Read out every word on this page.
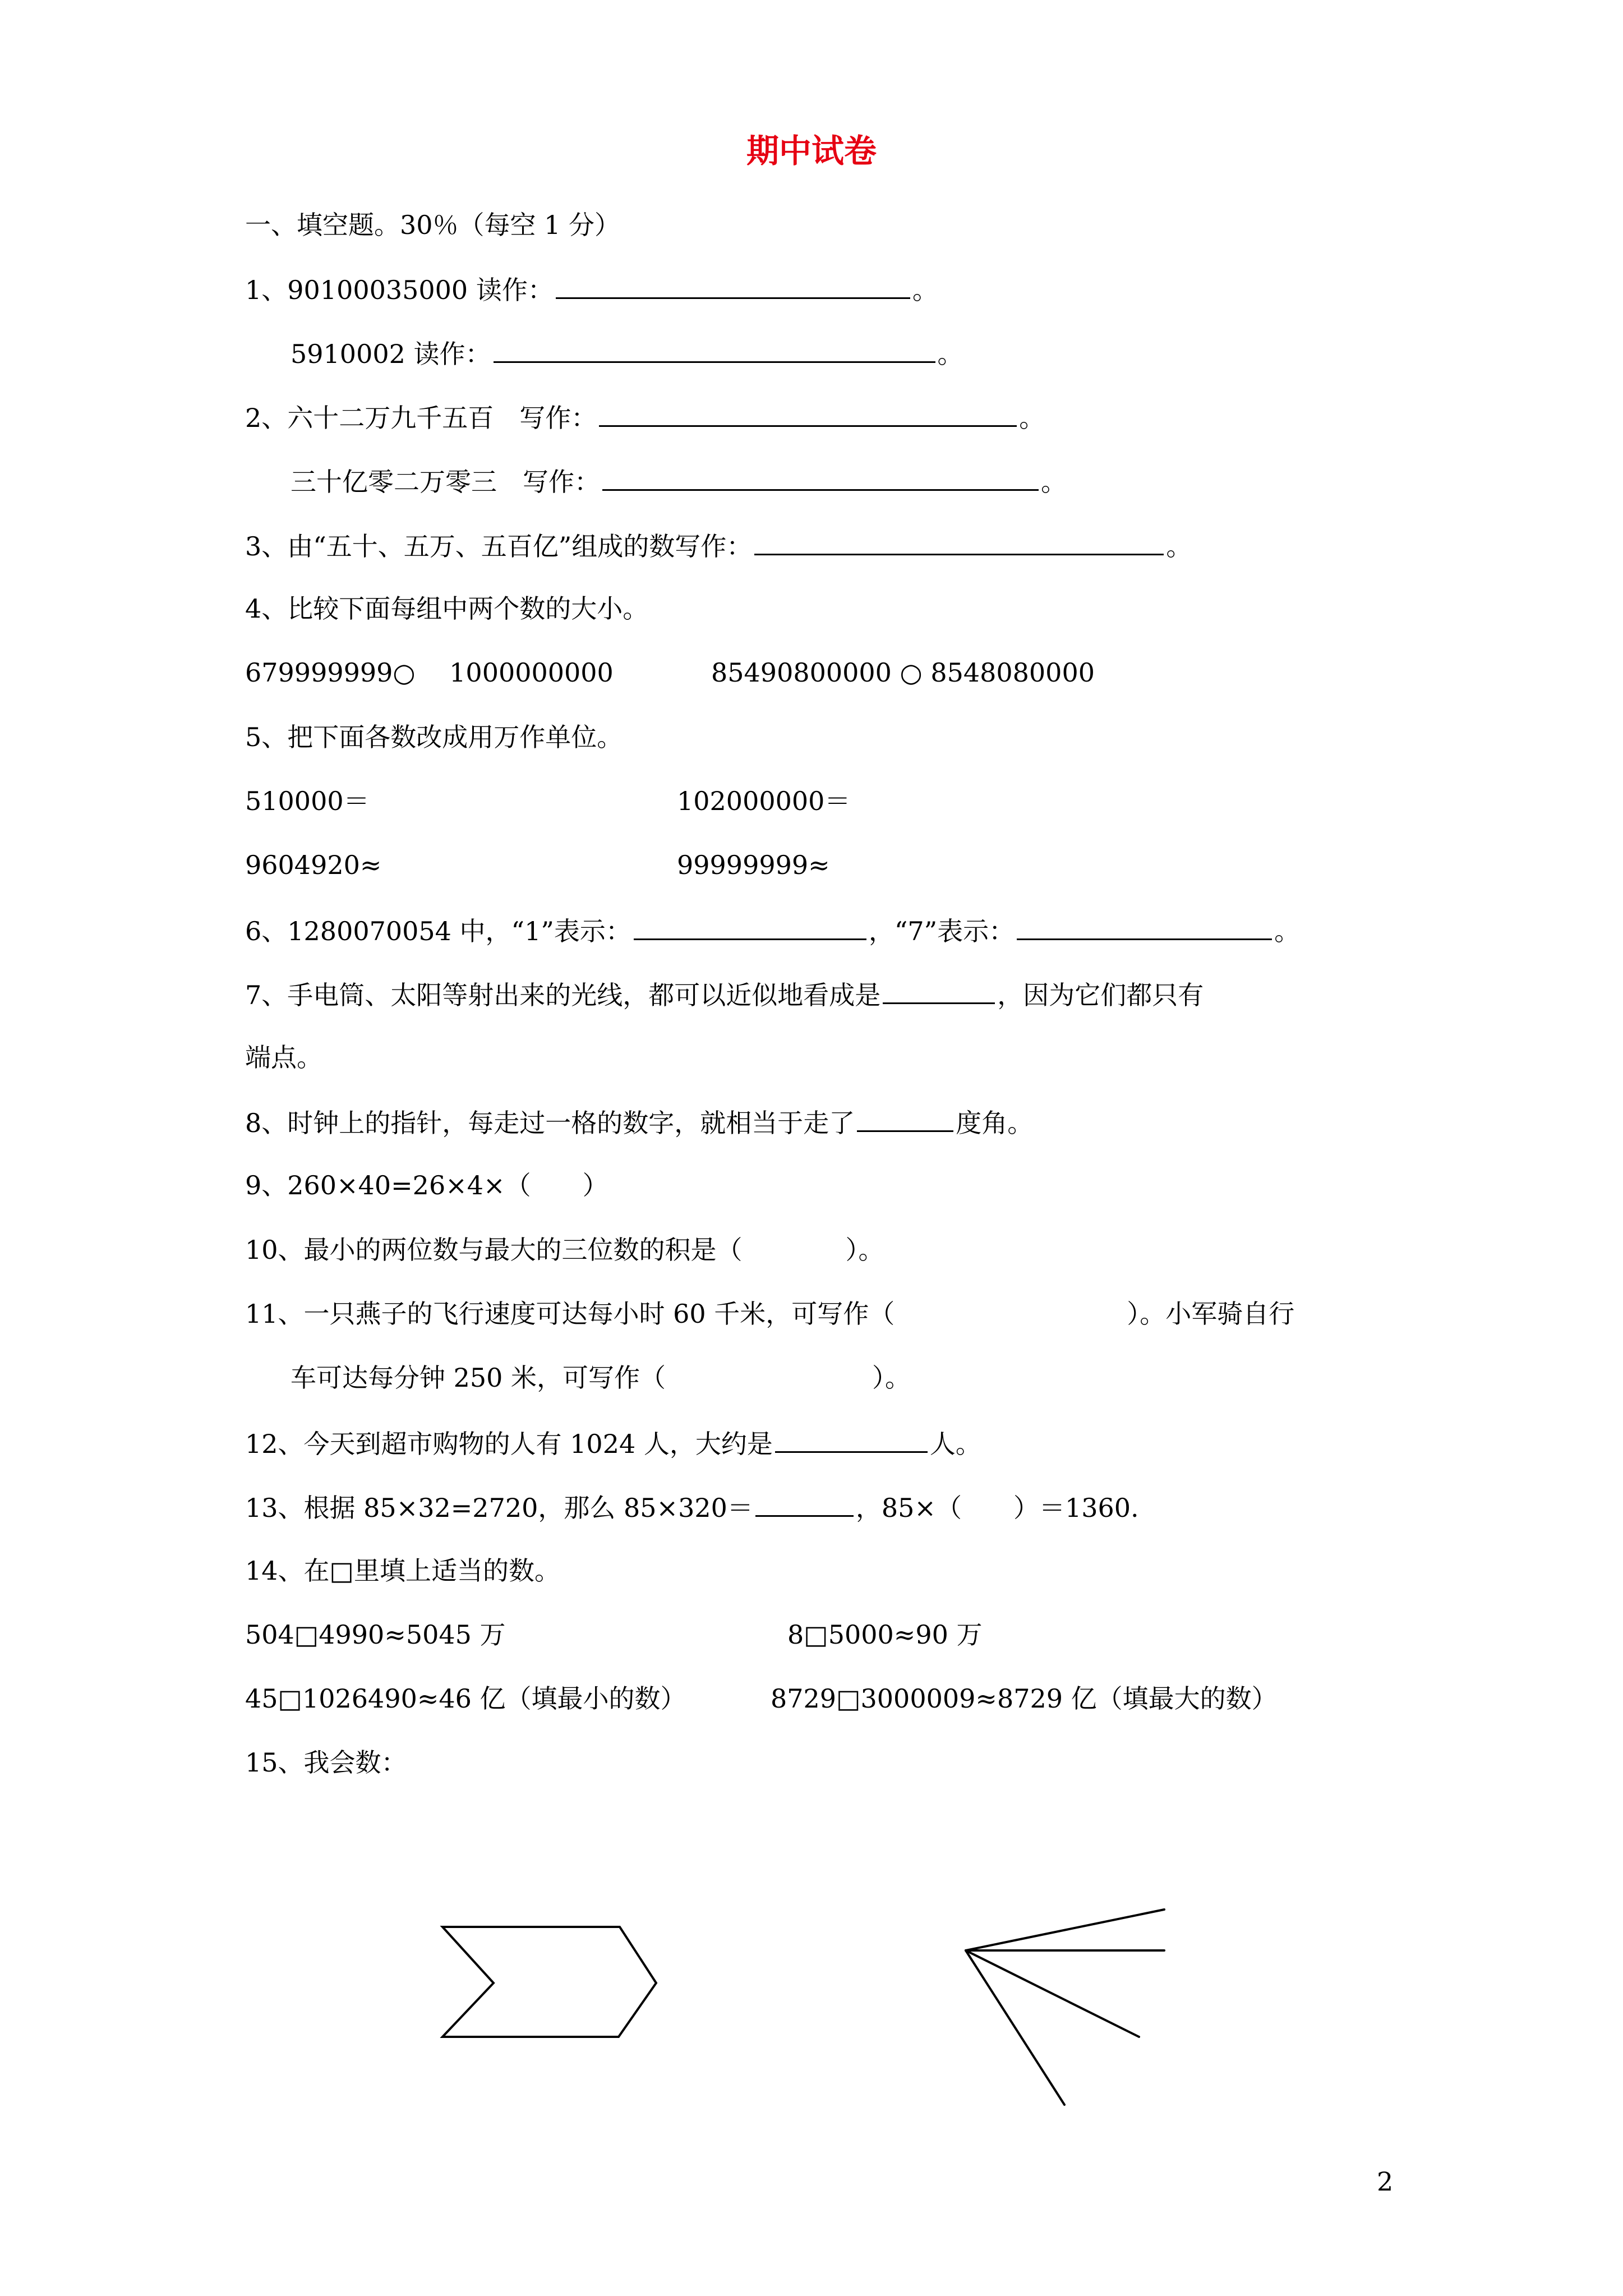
期中试卷
一、填空题。30％（每空 1 分）
1、90100035000 读作：	。
5910002 读作：	。
2、六十二万九千五百　写作：	。
三十亿零二万零三　写作：	。
3、由“五十、五万、五百亿”组成的数写作：	。
4、比较下面每组中两个数的大小。
679999999○　 1000000000	85490800000 ○ 8548080000
5、把下面各数改成用万作单位。
510000＝	102000000＝
9604920≈	99999999≈
6、1280070054 中，“1”表示：	，“7”表示：	。
7、手电筒、太阳等射出来的光线，都可以近似地看成是	，因为它们都只有
端点。
8、时钟上的指针，每走过一格的数字，就相当于走了	度角。
9、260×40=26×4×（　　）
10、最小的两位数与最大的三位数的积是（　　　　）。
11、一只燕子的飞行速度可达每小时 60 千米，可写作（　　　　　　　　　）。小军骑自行
车可达每分钟 250 米，可写作（　　　　　　　　）。
12、今天到超市购物的人有 1024 人，大约是	人。
13、根据 85×32=2720，那么 85×320＝	，85×（　　）＝1360.
14、在□里填上适当的数。
504□4990≈5045 万	8□5000≈90 万
45□1026490≈46 亿（填最小的数）	8729□3000009≈8729 亿（填最大的数）
15、我会数：
2
